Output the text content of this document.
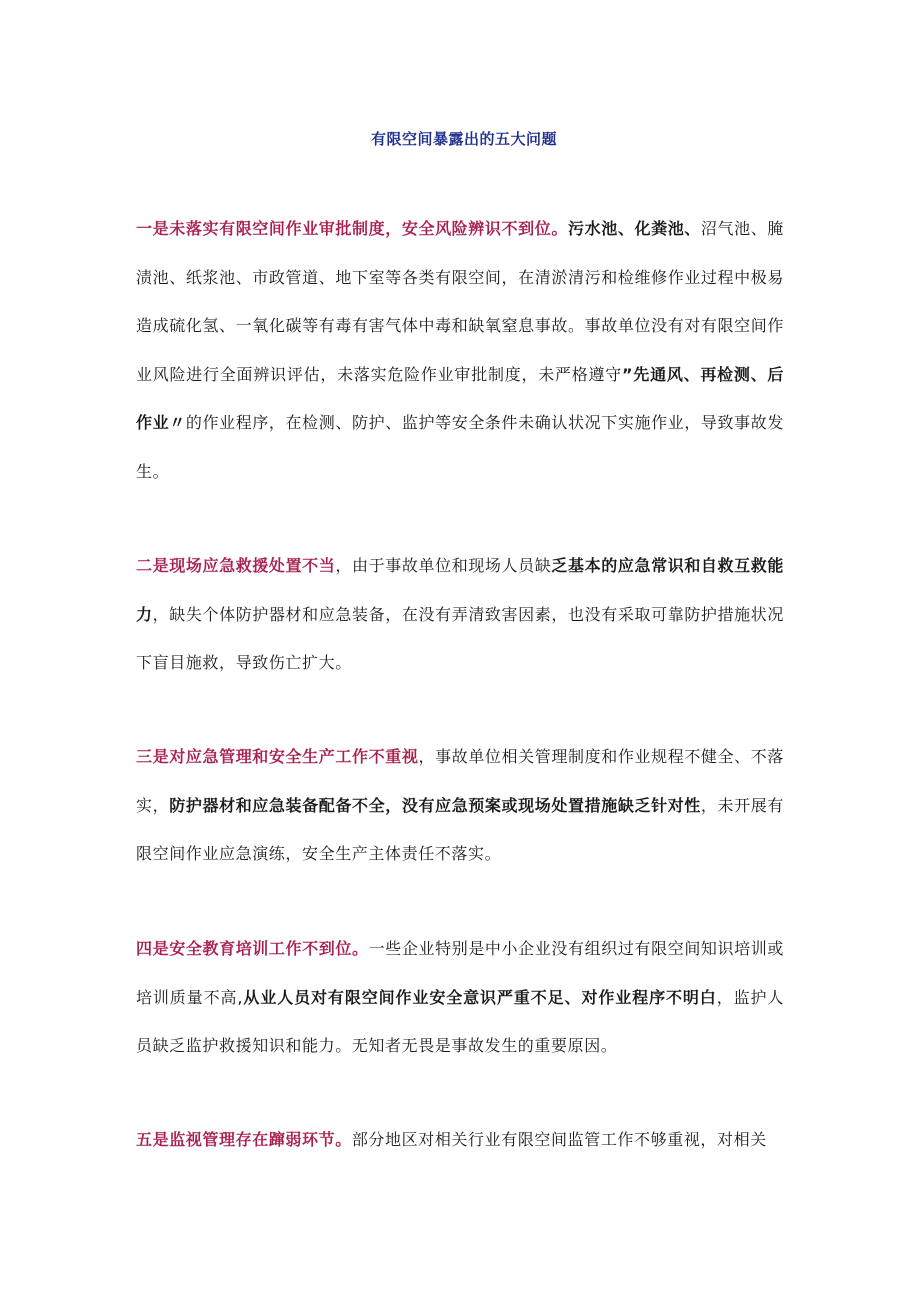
有限空间暴露出的五大问题
一是未落实有限空间作业审批制度，安全风险辨识不到位。污水池、化粪池、沼气池、腌渍池、纸浆池、市政管道、地下室等各类有限空间，在清淤清污和检维修作业过程中极易造成硫化氢、一氧化碳等有毒有害气体中毒和缺氧窒息事故。事故单位没有对有限空间作业风险进行全面辨识评估，未落实危险作业审批制度，未严格遵守”先通风、再检测、后作业〃的作业程序，在检测、防护、监护等安全条件未确认状况下实施作业，导致事故发生。
二是现场应急救援处置不当，由于事故单位和现场人员缺乏基本的应急常识和自救互救能力，缺失个体防护器材和应急装备，在没有弄清致害因素，也没有采取可靠防护措施状况下盲目施救，导致伤亡扩大。
三是对应急管理和安全生产工作不重视，事故单位相关管理制度和作业规程不健全、不落实，防护器材和应急装备配备不全，没有应急预案或现场处置措施缺乏针对性，未开展有限空间作业应急演练，安全生产主体责任不落实。
四是安全教育培训工作不到位。一些企业特别是中小企业没有组织过有限空间知识培训或培训质量不高,从业人员对有限空间作业安全意识严重不足、对作业程序不明白，监护人员缺乏监护救援知识和能力。无知者无畏是事故发生的重要原因。
五是监视管理存在蹿弱环节。部分地区对相关行业有限空间监管工作不够重视，对相关
